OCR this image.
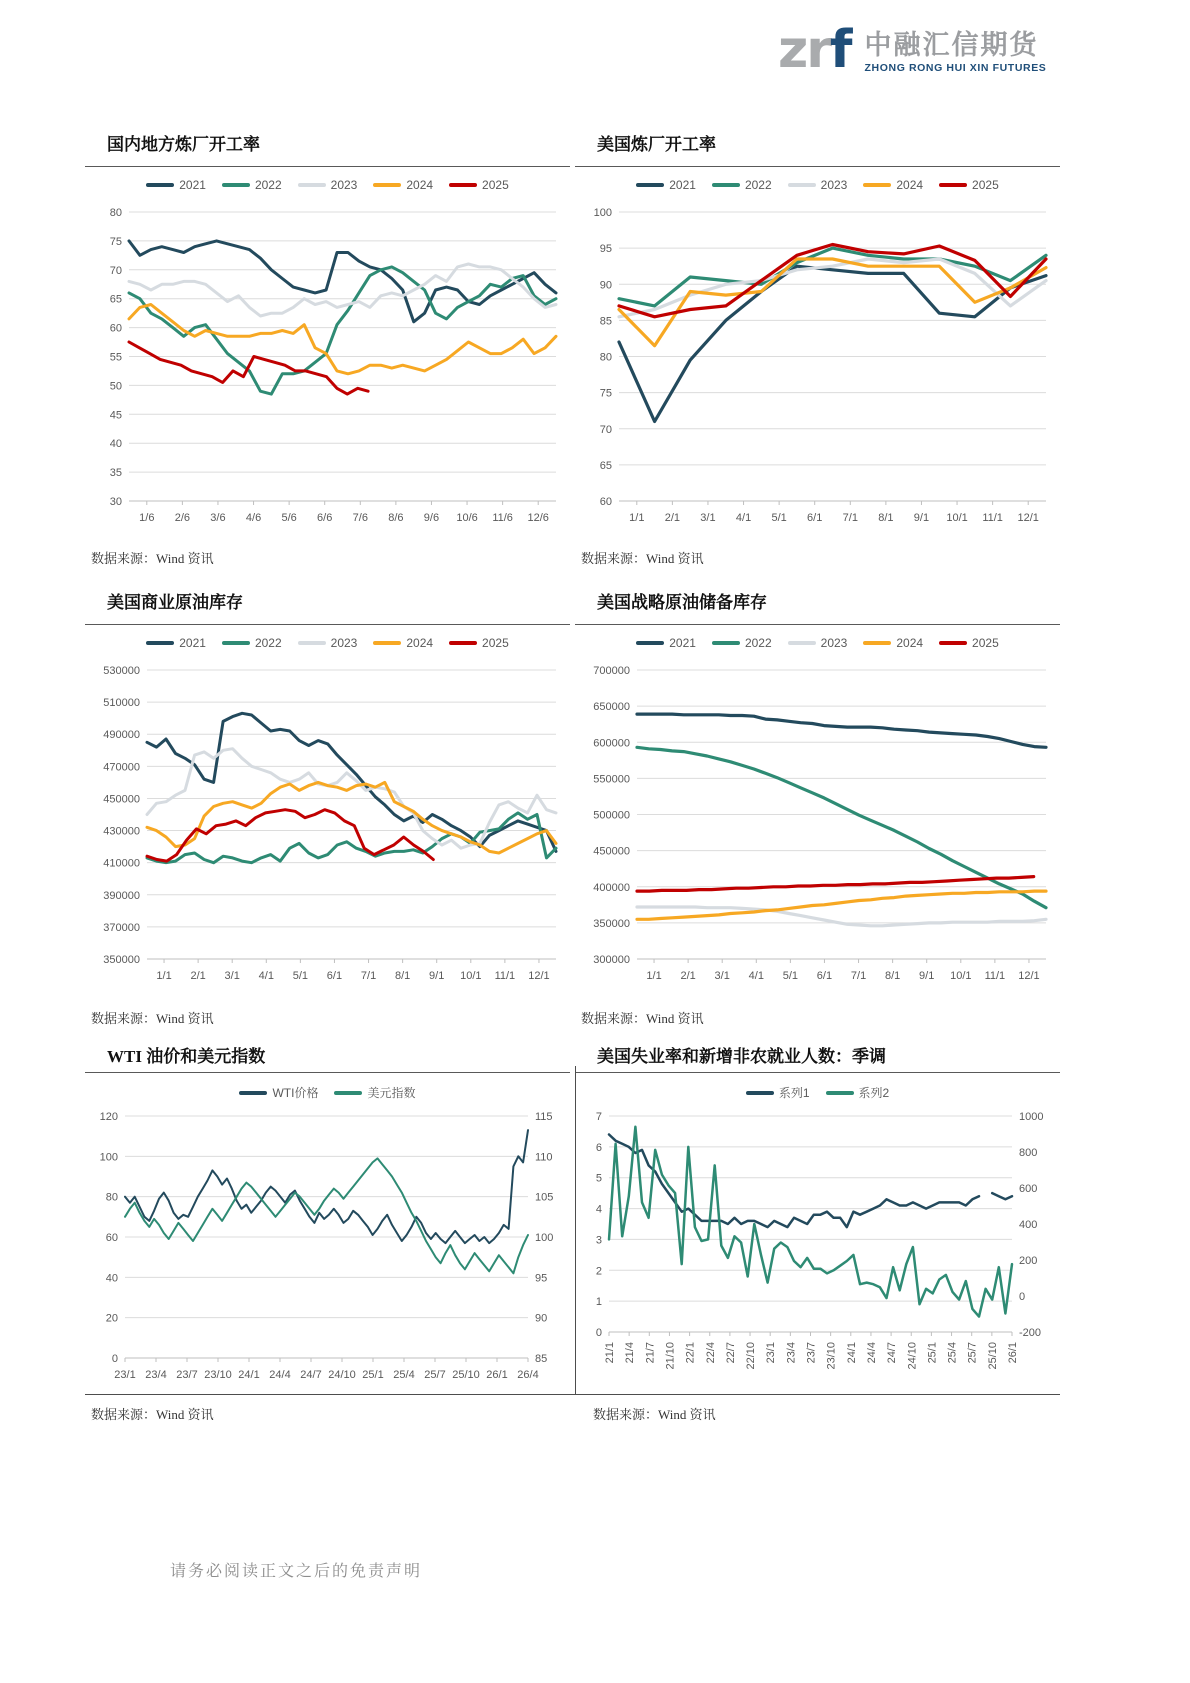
zrf 中融汇信期货
ZHONG RONG HUI XIN FUTURES
国内地方炼厂开工率
2021	2022	2023	2024	2025
30
35
40
45
50
55
60
65
70
75
80
1/6 2/6 3/6 4/6 5/6 6/6 7/6 8/6 9/6 10/6 11/6 12/6

数据来源：Wind 资讯

美国炼厂开工率
2021	2022	2023	2024	2025
60
65
70
75
80
85
90
95
100
1/1 2/1 3/1 4/1 5/1 6/1 7/1 8/1 9/1 10/1 11/1 12/1

数据来源：Wind 资讯

美国商业原油库存
2021	2022	2023	2024	2025
350000
370000
390000
410000
430000
450000
470000
490000
510000
530000
1/1 2/1 3/1 4/1 5/1 6/1 7/1 8/1 9/1 10/1 11/1 12/1

数据来源：Wind 资讯

美国战略原油储备库存
2021	2022	2023	2024	2025
300000
350000
400000
450000
500000
550000
600000
650000
700000
1/1 2/1 3/1 4/1 5/1 6/1 7/1 8/1 9/1 10/1 11/1 12/1

数据来源：Wind 资讯

WTI 油价和美元指数
WTI价格	美元指数
0
20
40
60
80
100
120	115
110
105
100
95
90
85
23/1 23/4 23/7 23/10 24/1 24/4 24/7 24/10 25/1 25/4 25/7 25/10 26/1 26/4

数据来源：Wind 资讯

美国失业率和新增非农就业人数：季调
系列1	系列2
0
1
2
3
4
5
6
7	1000
800
600
400
200
0
-200
21/1 21/4 21/7 21/10 22/1 22/4 22/7 22/10 23/1 23/4 23/7 23/10 24/1 24/4 24/7 24/10 25/1 25/4 25/7 25/10 26/1

数据来源：Wind 资讯

请务必阅读正文之后的免责声明
